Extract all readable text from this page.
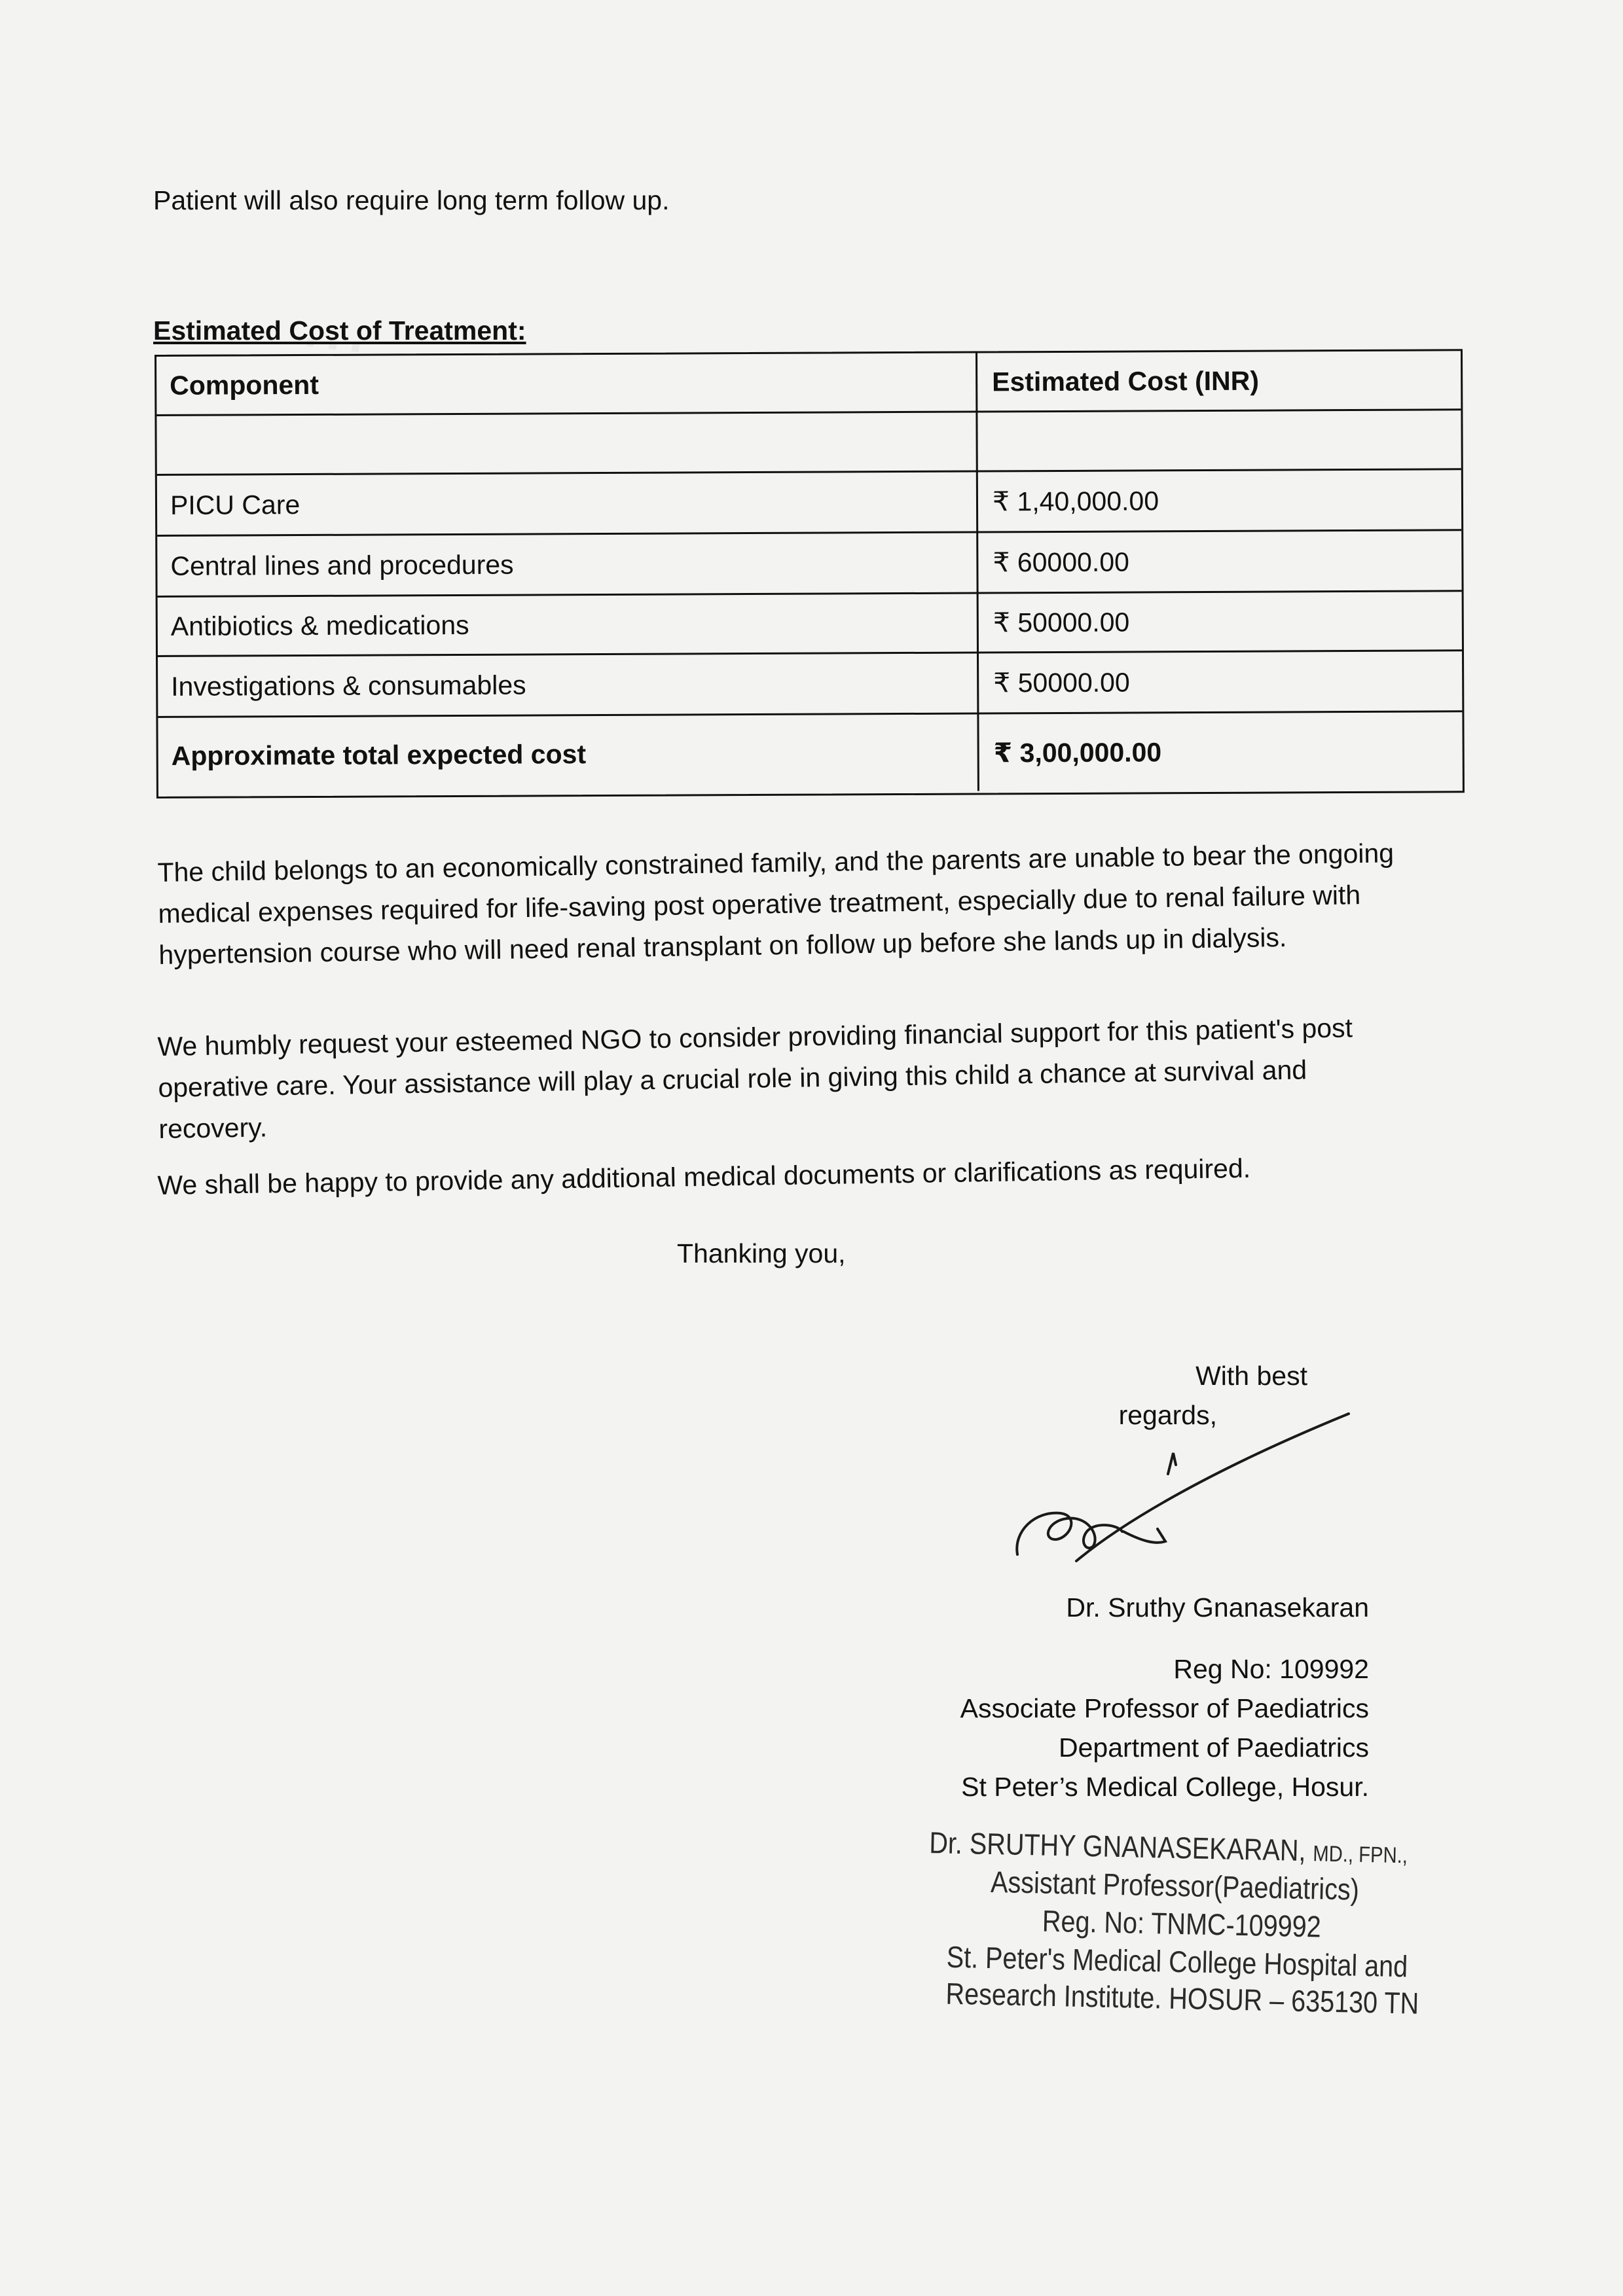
Patient will also require long term follow up.

Estimated Cost of Treatment:
Component	Estimated Cost (INR)
PICU Care	₹ 1,40,000.00
Central lines and procedures	₹ 60000.00
Antibiotics & medications	₹ 50000.00
Investigations & consumables	₹ 50000.00
Approximate total expected cost	₹ 3,00,000.00
The child belongs to an economically constrained family, and the parents are unable to bear the ongoing medical expenses required for life-saving post operative treatment, especially due to renal failure with hypertension course who will need renal transplant on follow up before she lands up in dialysis.
We humbly request your esteemed NGO to consider providing financial support for this patient's post operative care. Your assistance will play a crucial role in giving this child a chance at survival and recovery.
We shall be happy to provide any additional medical documents or clarifications as required.
Thanking you,
With best
regards,
Dr. Sruthy Gnanasekaran
Reg No: 109992
Associate Professor of Paediatrics
Department of Paediatrics
St Peter’s Medical College, Hosur.
Dr. SRUTHY GNANASEKARAN, MD., FPN.,
Assistant Professor(Paediatrics)
Reg. No: TNMC-109992
St. Peter's Medical College Hospital and
Research Institute. HOSUR – 635130 TN
